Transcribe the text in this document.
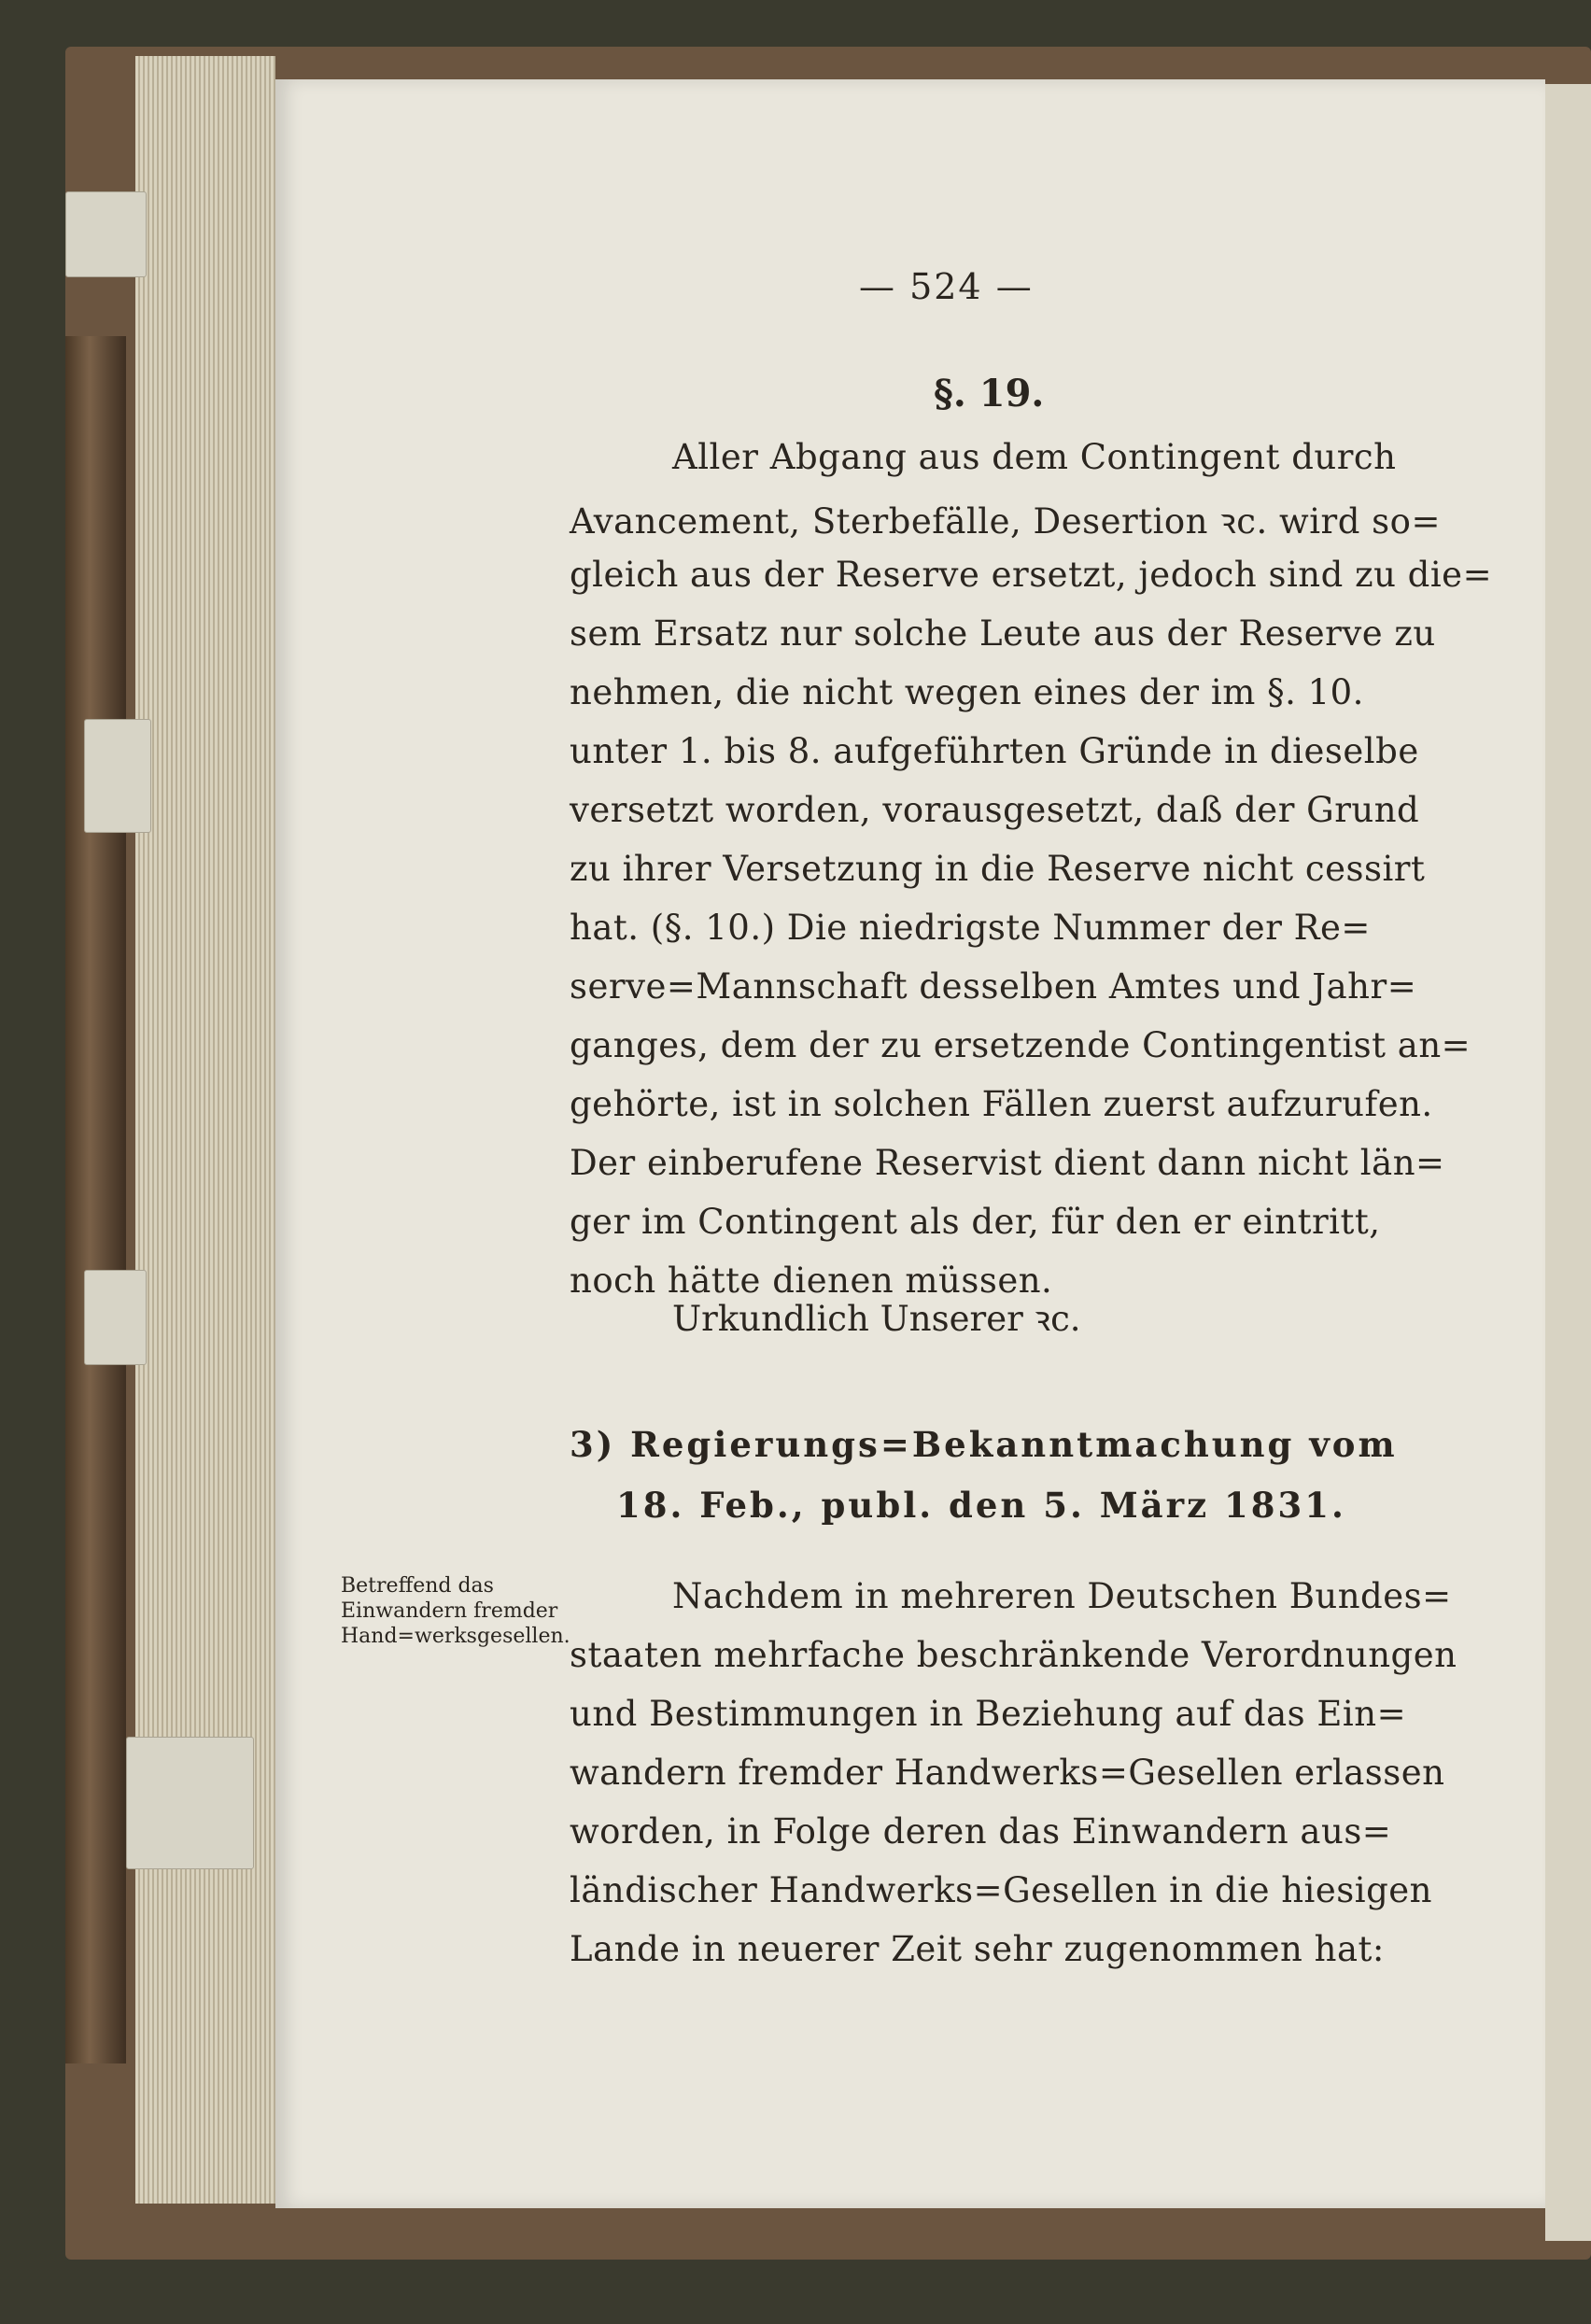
— 524 —
§. 19.
Aller Abgang aus dem Contingent durch
Avancement, Sterbefälle, Desertion ꝛc. wird so=
gleich aus der Reserve ersetzt, jedoch sind zu die=
sem Ersatz nur solche Leute aus der Reserve zu
nehmen, die nicht wegen eines der im §. 10.
unter 1. bis 8. aufgeführten Gründe in dieselbe
versetzt worden, vorausgesetzt, daß der Grund
zu ihrer Versetzung in die Reserve nicht cessirt
hat. (§. 10.) Die niedrigste Nummer der Re=
serve=Mannschaft desselben Amtes und Jahr=
ganges, dem der zu ersetzende Contingentist an=
gehörte, ist in solchen Fällen zuerst aufzurufen.
Der einberufene Reservist dient dann nicht län=
ger im Contingent als der, für den er eintritt,
noch hätte dienen müssen.
Urkundlich Unserer ꝛc.
3) Regierungs=Bekanntmachung vom
18. Feb., publ. den 5. März 1831.
Betreffend das Einwandern fremder Hand=werksgesellen.
Nachdem in mehreren Deutschen Bundes=
staaten mehrfache beschränkende Verordnungen
und Bestimmungen in Beziehung auf das Ein=
wandern fremder Handwerks=Gesellen erlassen
worden, in Folge deren das Einwandern aus=
ländischer Handwerks=Gesellen in die hiesigen
Lande in neuerer Zeit sehr zugenommen hat:
